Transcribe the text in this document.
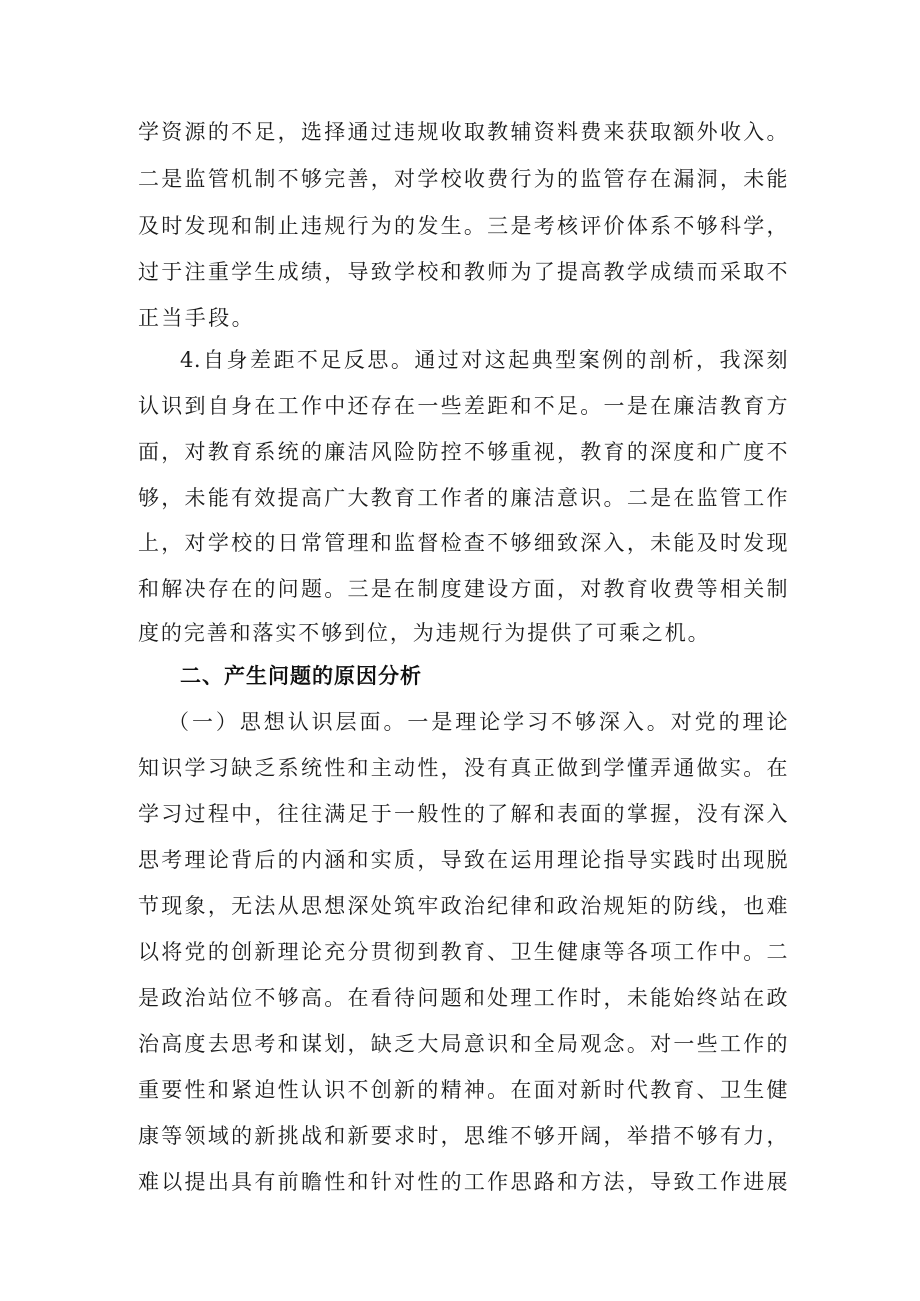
学资源的不足，选择通过违规收取教辅资料费来获取额外收入。
二是监管机制不够完善，对学校收费行为的监管存在漏洞，未能
及时发现和制止违规行为的发生。三是考核评价体系不够科学，
过于注重学生成绩，导致学校和教师为了提高教学成绩而采取不
正当手段。
4.自身差距不足反思。通过对这起典型案例的剖析，我深刻
认识到自身在工作中还存在一些差距和不足。一是在廉洁教育方
面，对教育系统的廉洁风险防控不够重视，教育的深度和广度不
够，未能有效提高广大教育工作者的廉洁意识。二是在监管工作
上，对学校的日常管理和监督检查不够细致深入，未能及时发现
和解决存在的问题。三是在制度建设方面，对教育收费等相关制
度的完善和落实不够到位，为违规行为提供了可乘之机。
二、产生问题的原因分析
（一）思想认识层面。一是理论学习不够深入。对党的理论
知识学习缺乏系统性和主动性，没有真正做到学懂弄通做实。在
学习过程中，往往满足于一般性的了解和表面的掌握，没有深入
思考理论背后的内涵和实质，导致在运用理论指导实践时出现脱
节现象，无法从思想深处筑牢政治纪律和政治规矩的防线，也难
以将党的创新理论充分贯彻到教育、卫生健康等各项工作中。二
是政治站位不够高。在看待问题和处理工作时，未能始终站在政
治高度去思考和谋划，缺乏大局意识和全局观念。对一些工作的
重要性和紧迫性认识不创新的精神。在面对新时代教育、卫生健
康等领域的新挑战和新要求时，思维不够开阔，举措不够有力，
难以提出具有前瞻性和针对性的工作思路和方法，导致工作进展
